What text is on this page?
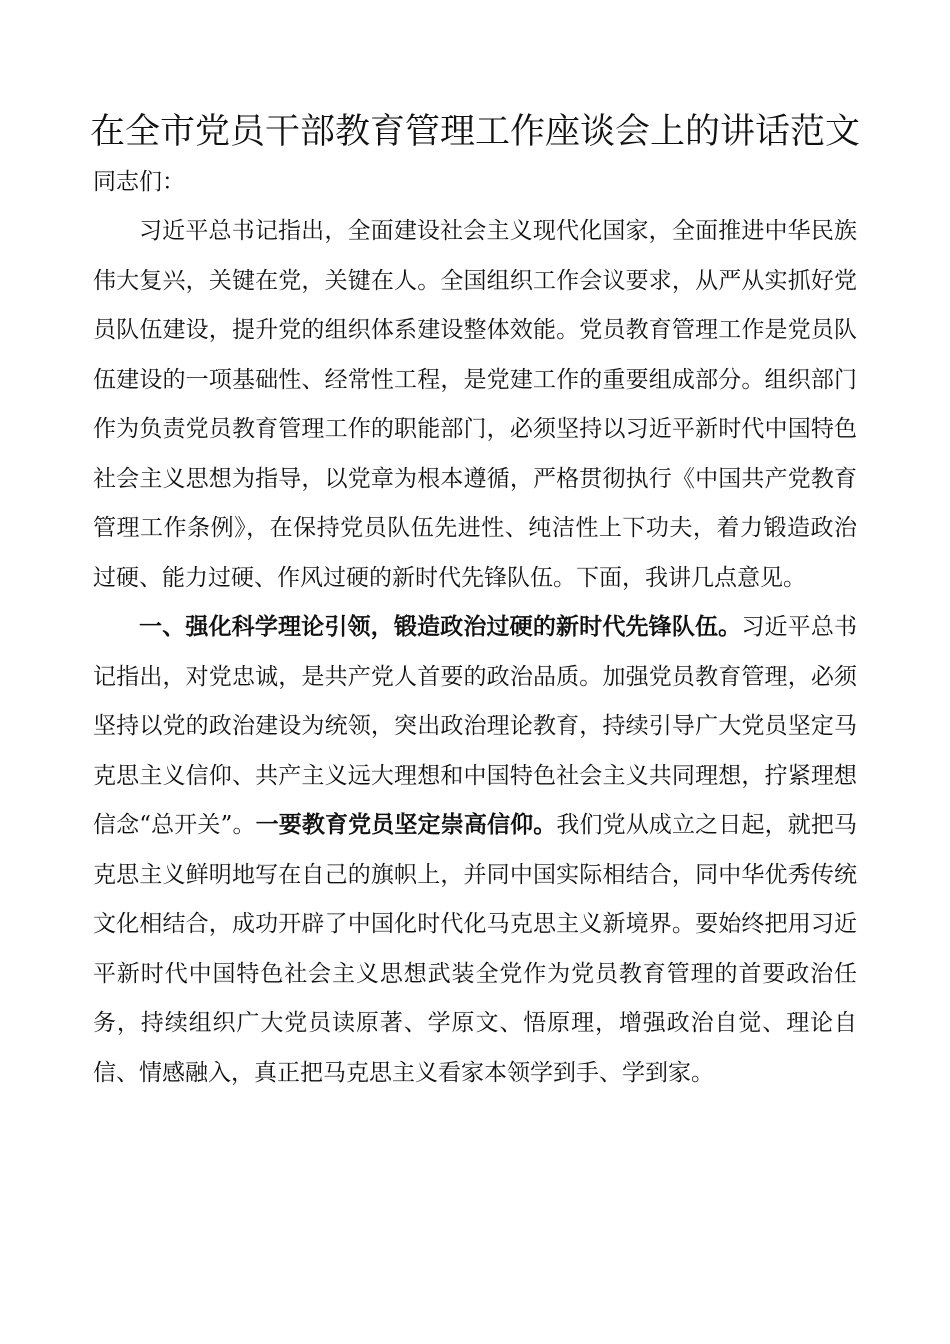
在全市党员干部教育管理工作座谈会上的讲话范文
同志们：

习近平总书记指出，全面建设社会主义现代化国家，全面推进中华民族伟大复兴，关键在党，关键在人。全国组织工作会议要求，从严从实抓好党员队伍建设，提升党的组织体系建设整体效能。党员教育管理工作是党员队伍建设的一项基础性、经常性工程，是党建工作的重要组成部分。组织部门作为负责党员教育管理工作的职能部门，必须坚持以习近平新时代中国特色社会主义思想为指导，以党章为根本遵循，严格贯彻执行《中国共产党教育管理工作条例》，在保持党员队伍先进性、纯洁性上下功夫，着力锻造政治过硬、能力过硬、作风过硬的新时代先锋队伍。下面，我讲几点意见。

一、强化科学理论引领，锻造政治过硬的新时代先锋队伍。习近平总书记指出，对党忠诚，是共产党人首要的政治品质。加强党员教育管理，必须坚持以党的政治建设为统领，突出政治理论教育，持续引导广大党员坚定马克思主义信仰、共产主义远大理想和中国特色社会主义共同理想，拧紧理想信念“总开关”。一要教育党员坚定崇高信仰。我们党从成立之日起，就把马克思主义鲜明地写在自己的旗帜上，并同中国实际相结合，同中华优秀传统文化相结合，成功开辟了中国化时代化马克思主义新境界。要始终把用习近平新时代中国特色社会主义思想武装全党作为党员教育管理的首要政治任务，持续组织广大党员读原著、学原文、悟原理，增强政治自觉、理论自信、情感融入，真正把马克思主义看家本领学到手、学到家。
